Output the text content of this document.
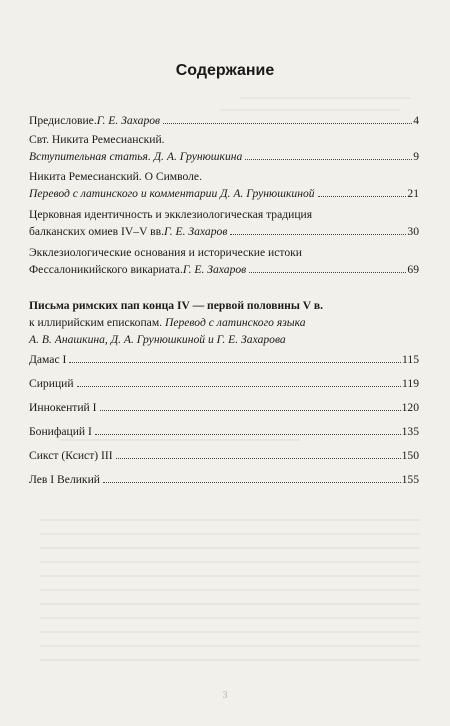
Содержание
Предисловие. Г. Е. Захаров	4
Свт. Никита Ремесианский.
Вступительная статья. Д. А. Грунюшкина	9
Никита Ремесианский. О Символе.
Перевод с латинского и комментарии Д. А. Грунюшкиной	21
Церковная идентичность и экклезиологическая традиция
балканских омиев IV–V вв. Г. Е. Захаров	30
Экклезиологические основания и исторические истоки
Фессалоникийского викариата. Г. Е. Захаров	69
Письма римских пап конца IV — первой половины V в.
к иллирийским епископам. Перевод с латинского языка
А. В. Анашкина, Д. А. Грунюшкиной и Г. Е. Захарова
Дамас I	115
Сириций	119
Иннокентий I	120
Бонифаций I	135
Сикст (Ксист) III	150
Лев I Великий	155
3
